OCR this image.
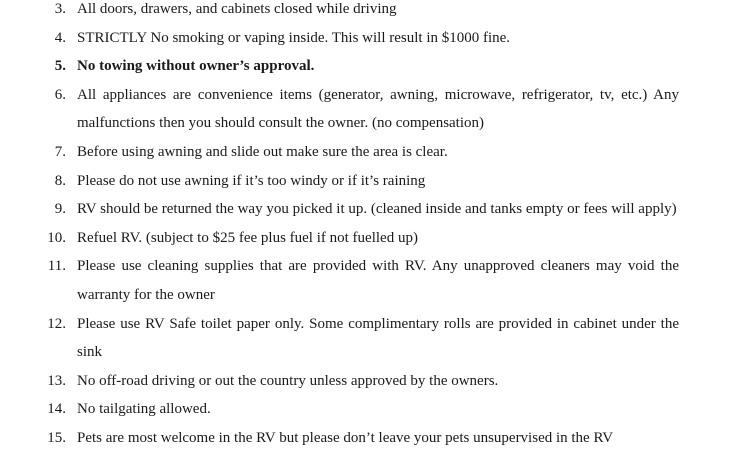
3. All doors, drawers, and cabinets closed while driving
4. STRICTLY No smoking or vaping inside. This will result in $1000 fine.
5. No towing without owner’s approval.
6. All appliances are convenience items (generator, awning, microwave, refrigerator, tv, etc.) Any malfunctions then you should consult the owner. (no compensation)
7. Before using awning and slide out make sure the area is clear.
8. Please do not use awning if it’s too windy or if it’s raining
9. RV should be returned the way you picked it up. (cleaned inside and tanks empty or fees will apply)
10. Refuel RV. (subject to $25 fee plus fuel if not fuelled up)
11. Please use cleaning supplies that are provided with RV. Any unapproved cleaners may void the warranty for the owner
12. Please use RV Safe toilet paper only. Some complimentary rolls are provided in cabinet under the sink
13. No off-road driving or out the country unless approved by the owners.
14. No tailgating allowed.
15. Pets are most welcome in the RV but please don’t leave your pets unsupervised in the RV
